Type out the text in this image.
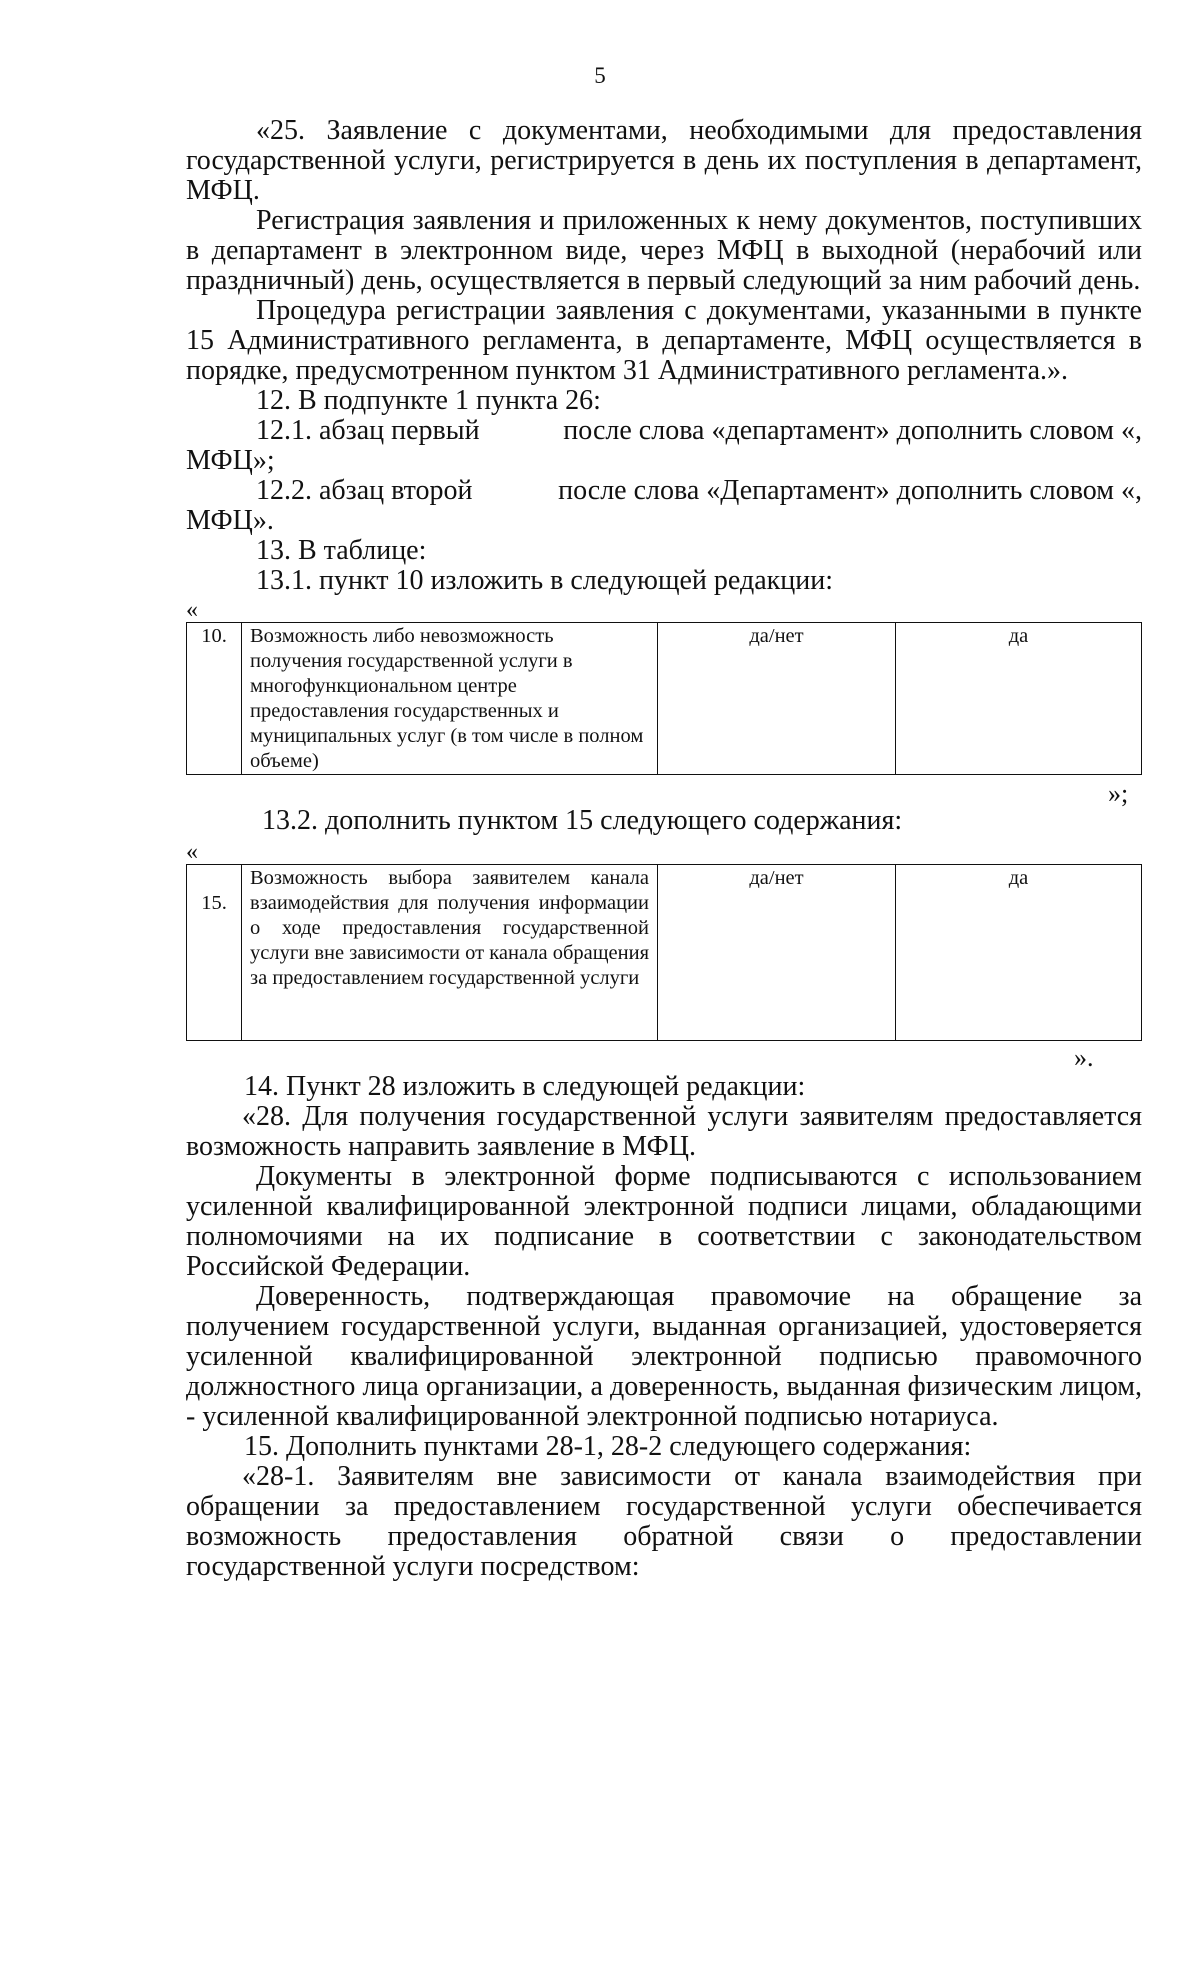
5

«25. Заявление с документами, необходимыми для предоставления государственной услуги, регистрируется в день их поступления в департамент, МФЦ.

Регистрация заявления и приложенных к нему документов, поступивших в департамент в электронном виде, через МФЦ в выходной (нерабочий или праздничный) день, осуществляется в первый следующий за ним рабочий день.

Процедура регистрации заявления с документами, указанными в пункте 15 Административного регламента, в департаменте, МФЦ осуществляется в порядке, предусмотренном пунктом 31 Административного регламента.».

12. В подпункте 1 пункта 26:

12.1. абзац первый	после слова «департамент» дополнить словом «,
МФЦ»;
12.2. абзац второй	после слова «Департамент» дополнить словом «,
МФЦ».

13. В таблице:

13.1. пункт 10 изложить в следующей редакции:

«
10.	Возможность либо невозможность получения государственной услуги в многофункциональном центре предоставления государственных и муниципальных услуг (в том числе в полном объеме)	да/нет	да
»;

13.2. дополнить пунктом 15 следующего содержания:

«
15.	Возможность выбора заявителем канала взаимодействия для получения информации о ходе предоставления государственной услуги вне зависимости от канала обращения за предоставлением государственной услуги	да/нет	да
».

14. Пункт 28 изложить в следующей редакции:

«28. Для получения государственной услуги заявителям предоставляется возможность направить заявление в МФЦ.

Документы в электронной форме подписываются с использованием усиленной квалифицированной электронной подписи лицами, обладающими полномочиями на их подписание в соответствии с законодательством Российской Федерации.

Доверенность, подтверждающая правомочие на обращение за получением государственной услуги, выданная организацией, удостоверяется усиленной квалифицированной электронной подписью правомочного должностного лица организации, а доверенность, выданная физическим лицом, - усиленной квалифицированной электронной подписью нотариуса.

15. Дополнить пунктами 28-1, 28-2 следующего содержания:

«28-1. Заявителям вне зависимости от канала взаимодействия при обращении за предоставлением государственной услуги обеспечивается возможность предоставления обратной связи о предоставлении государственной услуги посредством:
